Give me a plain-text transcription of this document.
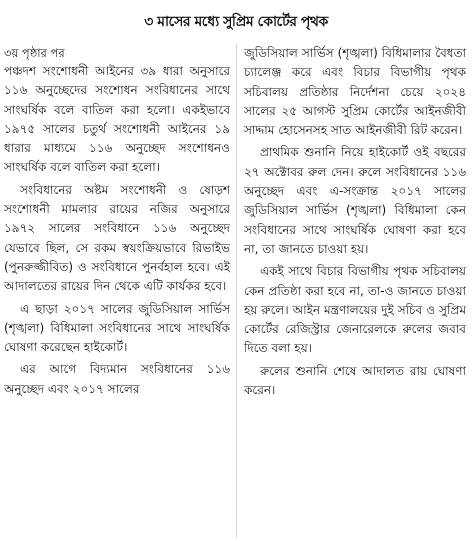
৩ মাসের মধ্যে সুপ্রিম কোর্টের পৃথক
৩য় পৃষ্ঠার পর

পঞ্চদশ সংশোধনী আইনের ৩৯ ধারা অনুসারে ১১৬ অনুচ্ছেদের সংশোধন সংবিধানের সাথে সাংঘর্ষিক বলে বাতিল করা হলো। একইভাবে ১৯৭৫ সালের চতুর্থ সংশোধনী আইনের ১৯ ধারার মাধ্যমে ১১৬ অনুচ্ছেদ সংশোধনও সাংঘর্ষিক বলে বাতিল করা হলো।

সংবিধানের অষ্টম সংশোধনী ও ষোড়শ সংশোধনী মামলার রায়ের নজির অনুসারে ১৯৭২ সালের সংবিধানে ১১৬ অনুচ্ছেদ যেভাবে ছিল, সে রকম স্বয়ংক্রিয়ভাবে রিভাইভ (পুনরুজ্জীবিত) ও সংবিধানে পুনর্বহাল হবে। এই আদালতের রায়ের দিন থেকে এটি কার্যকর হবে।

এ ছাড়া ২০১৭ সালের জুডিসিয়াল সার্ভিস (শৃঙ্খলা) বিধিমালা সংবিধানের সাথে সাংঘর্ষিক ঘোষণা করেছেন হাইকোর্ট।

এর আগে বিদ্যমান সংবিধানের ১১৬ অনুচ্ছেদ এবং ২০১৭ সালের

জুডিসিয়াল সার্ভিস (শৃঙ্খলা) বিধিমালার বৈধতা চ্যালেঞ্জ করে এবং বিচার বিভাগীয় পৃথক সচিবালয় প্রতিষ্ঠার নির্দেশনা চেয়ে ২০২৪ সালের ২৫ আগস্ট সুপ্রিম কোর্টের আইনজীবী সাদ্দাম হোসেনসহ সাত আইনজীবী রিট করেন।

প্রাথমিক শুনানি নিয়ে হাইকোর্ট ওই বছরের ২৭ অক্টোবর রুল দেন। রুলে সংবিধানের ১১৬ অনুচ্ছেদ এবং এ-সংক্রান্ত ২০১৭ সালের জুডিসিয়াল সার্ভিস (শৃঙ্খলা) বিধিমালা কেন সংবিধানের সাথে সাংঘর্ষিক ঘোষণা করা হবে না, তা জানতে চাওয়া হয়।

একই সাথে বিচার বিভাগীয় পৃথক সচিবালয় কেন প্রতিষ্ঠা করা হবে না, তা-ও জানতে চাওয়া হয় রুলে। আইন মন্ত্রণালয়ের দুই সচিব ও সুপ্রিম কোর্টের রেজিস্ট্রার জেনারেলকে রুলের জবাব দিতে বলা হয়।

রুলের শুনানি শেষে আদালত রায় ঘোষণা করেন।
